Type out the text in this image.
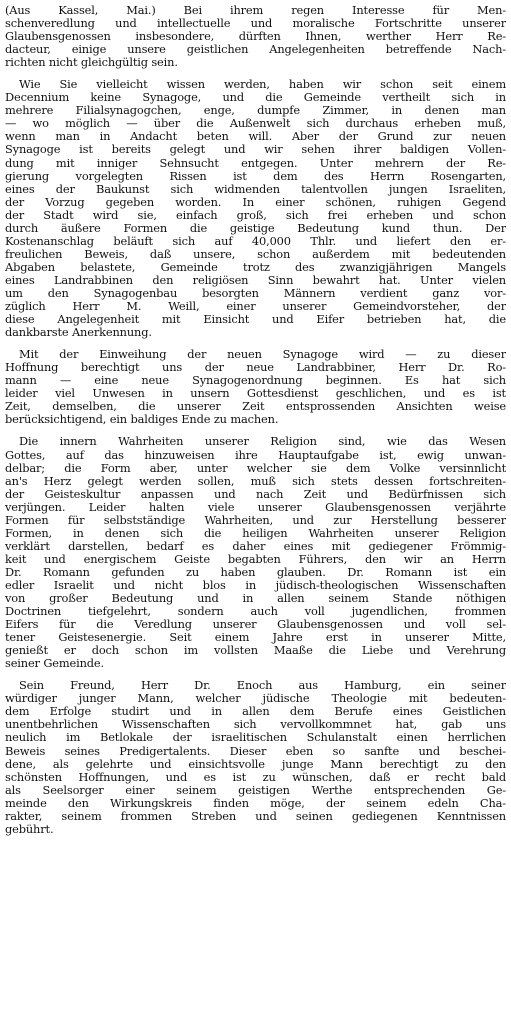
(Aus Kassel, Mai.) Bei ihrem regen Interesse für Men-
schenveredlung und intellectuelle und moralische Fortschritte unserer
Glaubensgenossen insbesondere, dürften Ihnen, werther Herr Re-
dacteur, einige unsere geistlichen Angelegenheiten betreffende Nach-
richten nicht gleichgültig sein.
Wie Sie vielleicht wissen werden, haben wir schon seit einem
Decennium keine Synagoge, und die Gemeinde vertheilt sich in
mehrere Filialsynagogchen, enge, dumpfe Zimmer, in denen man
— wo möglich — über die Außenwelt sich durchaus erheben muß,
wenn man in Andacht beten will. Aber der Grund zur neuen
Synagoge ist bereits gelegt und wir sehen ihrer baldigen Vollen-
dung mit inniger Sehnsucht entgegen. Unter mehrern der Re-
gierung vorgelegten Rissen ist dem des Herrn Rosengarten,
eines der Baukunst sich widmenden talentvollen jungen Israeliten,
der Vorzug gegeben worden. In einer schönen, ruhigen Gegend
der Stadt wird sie, einfach groß, sich frei erheben und schon
durch äußere Formen die geistige Bedeutung kund thun. Der
Kostenanschlag beläuft sich auf 40,000 Thlr. und liefert den er-
freulichen Beweis, daß unsere, schon außerdem mit bedeutenden
Abgaben belastete, Gemeinde trotz des zwanzigjährigen Mangels
eines Landrabbinen den religiösen Sinn bewahrt hat. Unter vielen
um den Synagogenbau besorgten Männern verdient ganz vor-
züglich Herr M. Weill, einer unserer Gemeindvorsteher, der
diese Angelegenheit mit Einsicht und Eifer betrieben hat, die
dankbarste Anerkennung.
Mit der Einweihung der neuen Synagoge wird — zu dieser
Hoffnung berechtigt uns der neue Landrabbiner, Herr Dr. Ro-
mann — eine neue Synagogenordnung beginnen. Es hat sich
leider viel Unwesen in unsern Gottesdienst geschlichen, und es ist
Zeit, demselben, die unserer Zeit entsprossenden Ansichten weise
berücksichtigend, ein baldiges Ende zu machen.
Die innern Wahrheiten unserer Religion sind, wie das Wesen
Gottes, auf das hinzuweisen ihre Hauptaufgabe ist, ewig unwan-
delbar; die Form aber, unter welcher sie dem Volke versinnlicht
an's Herz gelegt werden sollen, muß sich stets dessen fortschreiten-
der Geisteskultur anpassen und nach Zeit und Bedürfnissen sich
verjüngen. Leider halten viele unserer Glaubensgenossen verjährte
Formen für selbstständige Wahrheiten, und zur Herstellung besserer
Formen, in denen sich die heiligen Wahrheiten unserer Religion
verklärt darstellen, bedarf es daher eines mit gediegener Frömmig-
keit und energischem Geiste begabten Führers, den wir an Herrn
Dr. Romann gefunden zu haben glauben. Dr. Romann ist ein
edler Israelit und nicht blos in jüdisch-theologischen Wissenschaften
von großer Bedeutung und in allen seinem Stande nöthigen
Doctrinen tiefgelehrt, sondern auch voll jugendlichen, frommen
Eifers für die Veredlung unserer Glaubensgenossen und voll sel-
tener Geistesenergie. Seit einem Jahre erst in unserer Mitte,
genießt er doch schon im vollsten Maaße die Liebe und Verehrung
seiner Gemeinde.
Sein Freund, Herr Dr. Enoch aus Hamburg, ein seiner
würdiger junger Mann, welcher jüdische Theologie mit bedeuten-
dem Erfolge studirt und in allen dem Berufe eines Geistlichen
unentbehrlichen Wissenschaften sich vervollkommnet hat, gab uns
neulich im Betlokale der israelitischen Schulanstalt einen herrlichen
Beweis seines Predigertalents. Dieser eben so sanfte und beschei-
dene, als gelehrte und einsichtsvolle junge Mann berechtigt zu den
schönsten Hoffnungen, und es ist zu wünschen, daß er recht bald
als Seelsorger einer seinem geistigen Werthe entsprechenden Ge-
meinde den Wirkungskreis finden möge, der seinem edeln Cha-
rakter, seinem frommen Streben und seinen gediegenen Kenntnissen
gebührt.
